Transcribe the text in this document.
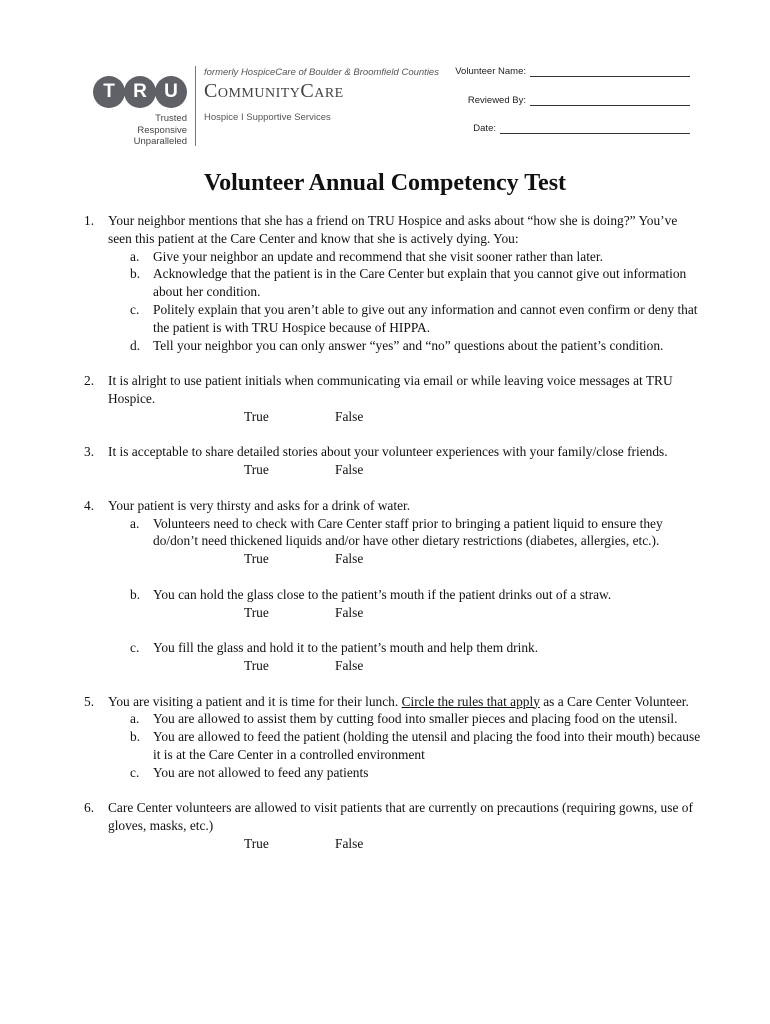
T R U
Trusted
Responsive
Unparalleled
formerly HospiceCare of Boulder & Broomfield Counties
CommunityCare
Hospice I Supportive Services
Volunteer Name:
Reviewed By:
Date:
Volunteer Annual Competency Test
1. Your neighbor mentions that she has a friend on TRU Hospice and asks about “how she is doing?” You’ve seen this patient at the Care Center and know that she is actively dying. You:
a. Give your neighbor an update and recommend that she visit sooner rather than later.
b. Acknowledge that the patient is in the Care Center but explain that you cannot give out information about her condition.
c. Politely explain that you aren’t able to give out any information and cannot even confirm or deny that the patient is with TRU Hospice because of HIPPA.
d. Tell your neighbor you can only answer “yes” and “no” questions about the patient’s condition.
2. It is alright to use patient initials when communicating via email or while leaving voice messages at TRU Hospice.
True	False
3. It is acceptable to share detailed stories about your volunteer experiences with your family/close friends.
True	False
4. Your patient is very thirsty and asks for a drink of water.
a. Volunteers need to check with Care Center staff prior to bringing a patient liquid to ensure they do/don’t need thickened liquids and/or have other dietary restrictions (diabetes, allergies, etc.).
True	False
b. You can hold the glass close to the patient’s mouth if the patient drinks out of a straw.
True	False
c. You fill the glass and hold it to the patient’s mouth and help them drink.
True	False
5. You are visiting a patient and it is time for their lunch. Circle the rules that apply as a Care Center Volunteer.
a. You are allowed to assist them by cutting food into smaller pieces and placing food on the utensil.
b. You are allowed to feed the patient (holding the utensil and placing the food into their mouth) because it is at the Care Center in a controlled environment
c. You are not allowed to feed any patients
6. Care Center volunteers are allowed to visit patients that are currently on precautions (requiring gowns, use of gloves, masks, etc.)
True	False
